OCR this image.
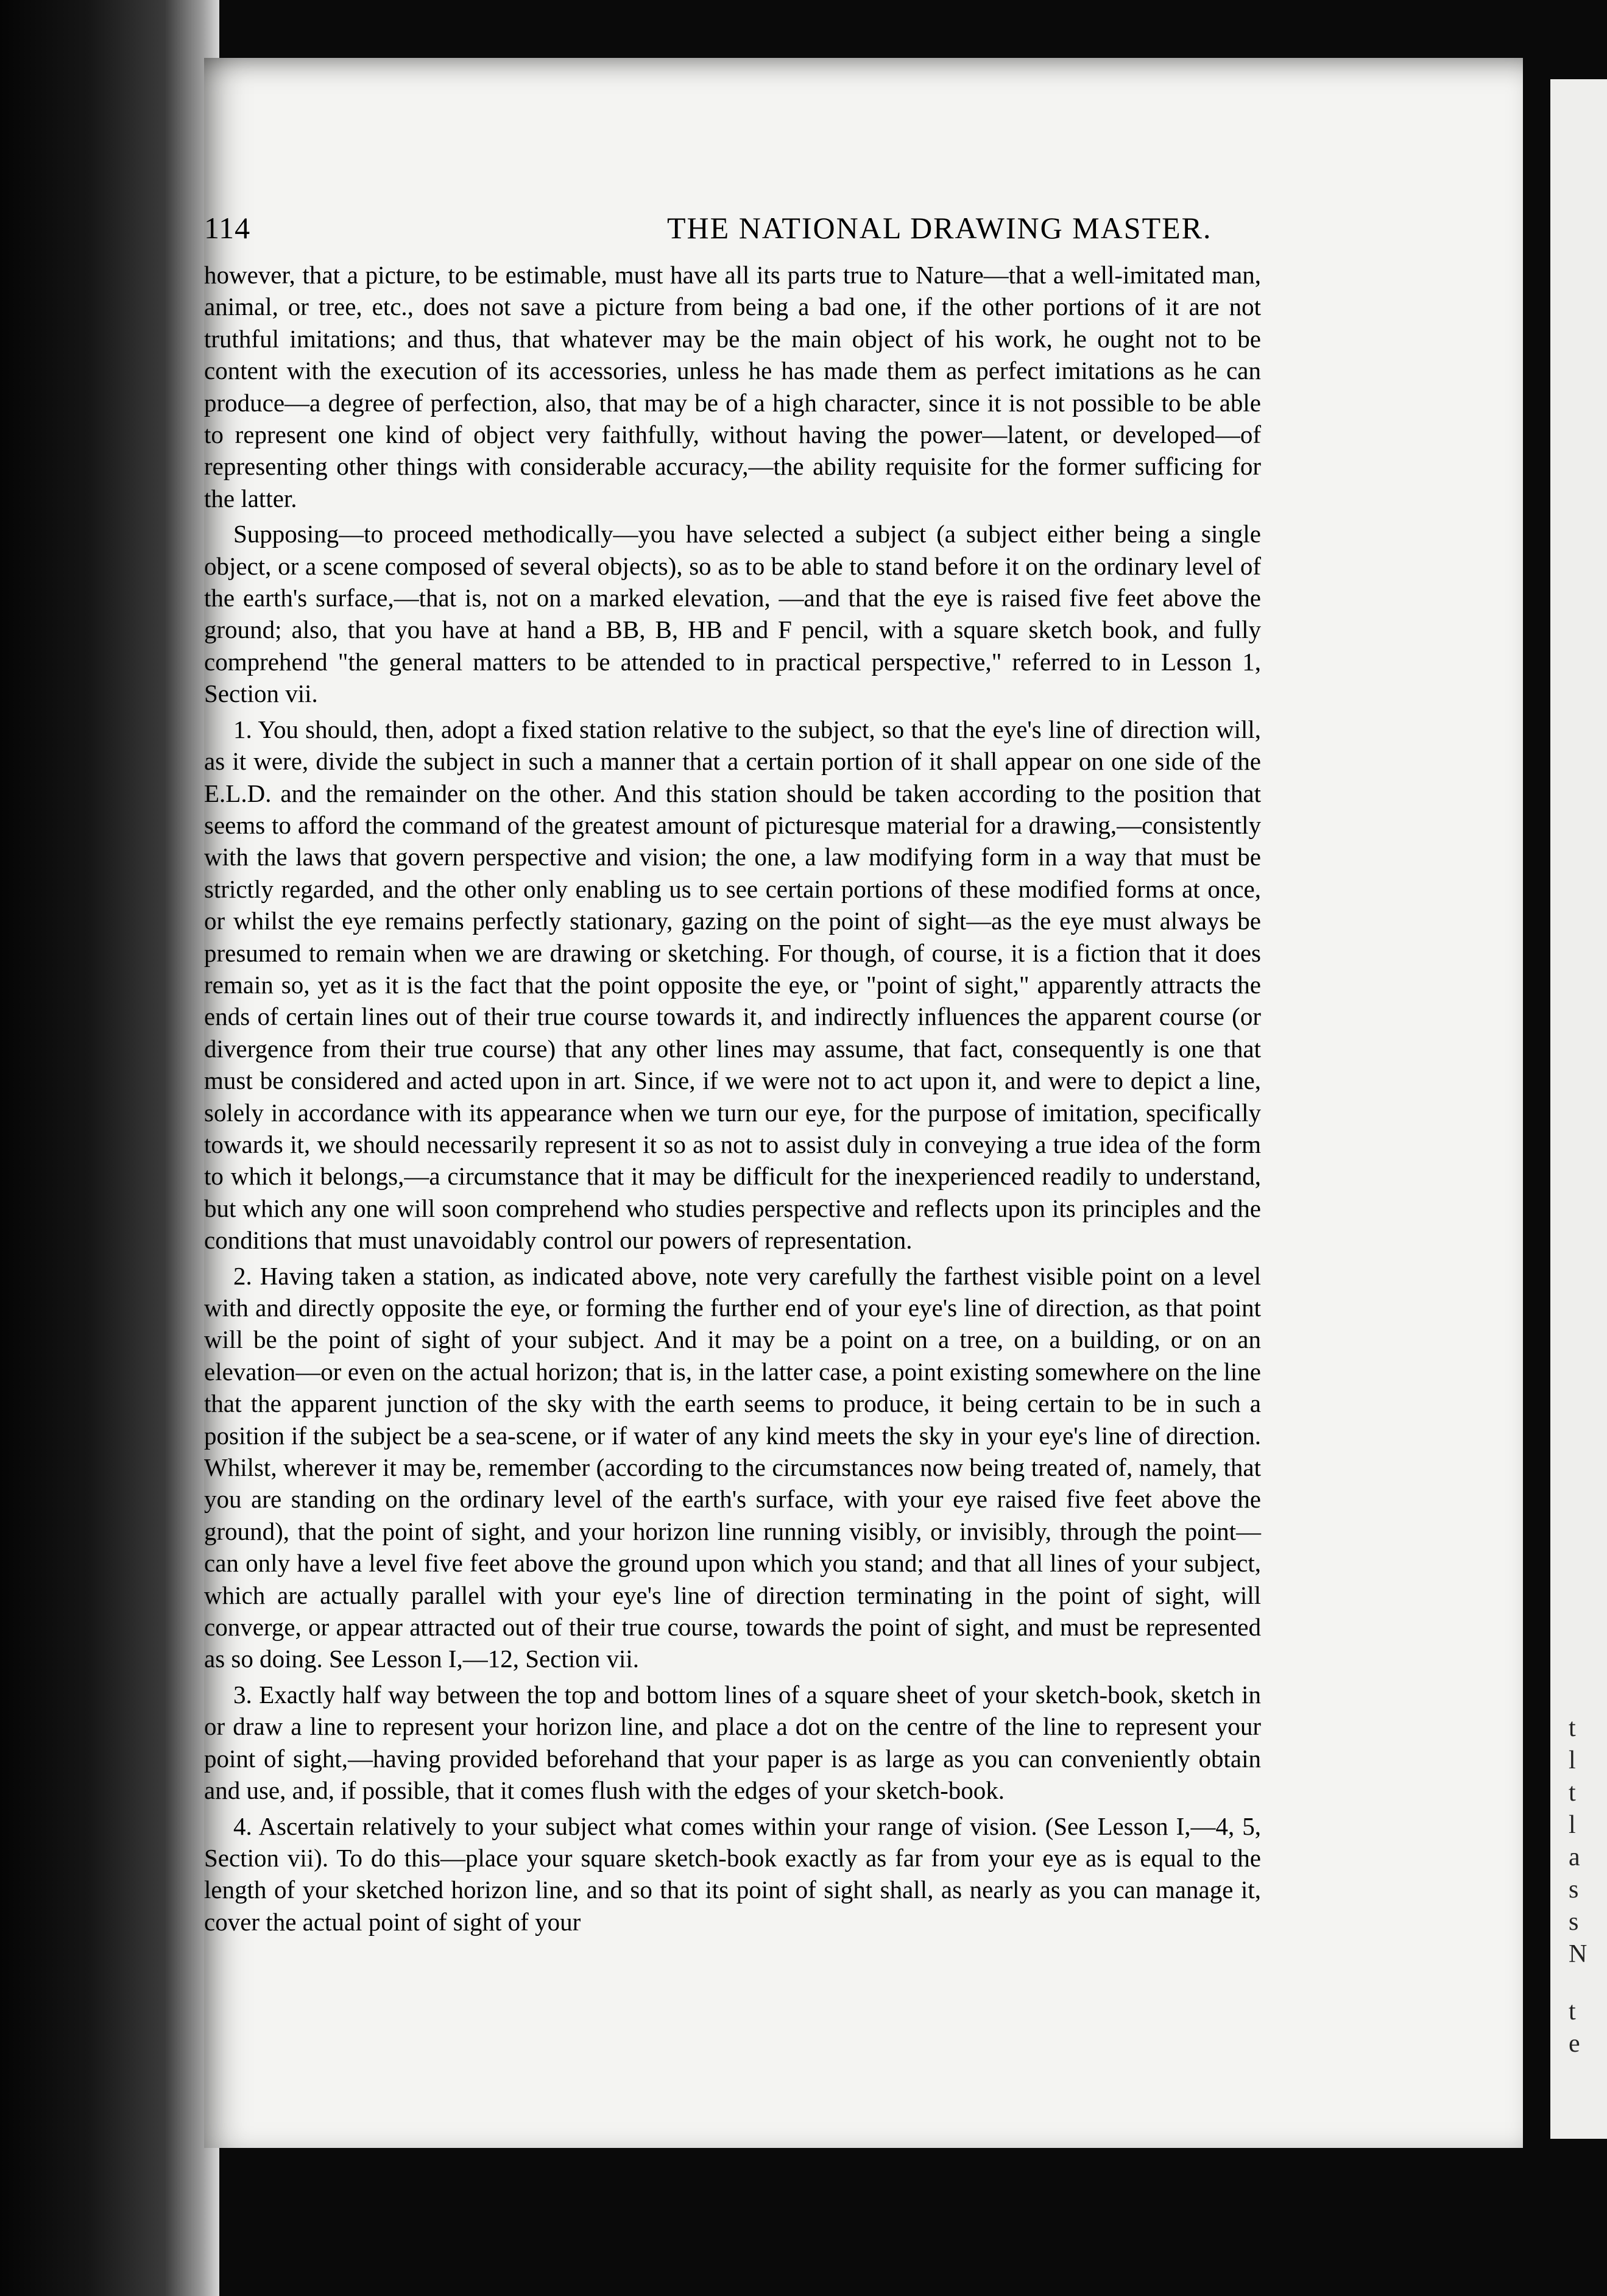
t
l
t
l
a
s
s
N
t
e
114	THE NATIONAL DRAWING MASTER.

however, that a picture, to be estimable, must have all its parts true to Nature—that a well-imitated man, animal, or tree, etc., does not save a picture from being a bad one, if the other portions of it are not truthful imitations; and thus, that whatever may be the main object of his work, he ought not to be content with the execution of its accessories, unless he has made them as perfect imitations as he can produce—a degree of perfection, also, that may be of a high character, since it is not possible to be able to represent one kind of object very faithfully, without having the power—latent, or developed—of representing other things with considerable accuracy,—the ability requisite for the former sufficing for the latter.

Supposing—to proceed methodically—you have selected a subject (a subject either being a single object, or a scene composed of several objects), so as to be able to stand before it on the ordinary level of the earth's surface,—that is, not on a marked elevation, —and that the eye is raised five feet above the ground; also, that you have at hand a BB, B, HB and F pencil, with a square sketch book, and fully comprehend "the general matters to be attended to in practical perspective," referred to in Lesson 1, Section vii.

1. You should, then, adopt a fixed station relative to the subject, so that the eye's line of direction will, as it were, divide the subject in such a manner that a certain portion of it shall appear on one side of the E.L.D. and the remainder on the other. And this station should be taken according to the position that seems to afford the command of the greatest amount of picturesque material for a drawing,—consistently with the laws that govern perspective and vision; the one, a law modifying form in a way that must be strictly regarded, and the other only enabling us to see certain portions of these modified forms at once, or whilst the eye remains perfectly stationary, gazing on the point of sight—as the eye must always be presumed to remain when we are drawing or sketching. For though, of course, it is a fiction that it does remain so, yet as it is the fact that the point opposite the eye, or "point of sight," apparently attracts the ends of certain lines out of their true course towards it, and indirectly influences the apparent course (or divergence from their true course) that any other lines may assume, that fact, consequently is one that must be considered and acted upon in art. Since, if we were not to act upon it, and were to depict a line, solely in accordance with its appearance when we turn our eye, for the purpose of imitation, specifically towards it, we should necessarily represent it so as not to assist duly in conveying a true idea of the form to which it belongs,—a circumstance that it may be difficult for the inexperienced readily to understand, but which any one will soon comprehend who studies perspective and reflects upon its principles and the conditions that must unavoidably control our powers of representation.

2. Having taken a station, as indicated above, note very carefully the farthest visible point on a level with and directly opposite the eye, or forming the further end of your eye's line of direction, as that point will be the point of sight of your subject. And it may be a point on a tree, on a building, or on an elevation—or even on the actual horizon; that is, in the latter case, a point existing somewhere on the line that the apparent junction of the sky with the earth seems to produce, it being certain to be in such a position if the subject be a sea-scene, or if water of any kind meets the sky in your eye's line of direction. Whilst, wherever it may be, remember (according to the circumstances now being treated of, namely, that you are standing on the ordinary level of the earth's surface, with your eye raised five feet above the ground), that the point of sight, and your horizon line running visibly, or invisibly, through the point—can only have a level five feet above the ground upon which you stand; and that all lines of your subject, which are actually parallel with your eye's line of direction terminating in the point of sight, will converge, or appear attracted out of their true course, towards the point of sight, and must be represented as so doing. See Lesson I,—12, Section vii.

3. Exactly half way between the top and bottom lines of a square sheet of your sketch-book, sketch in or draw a line to represent your horizon line, and place a dot on the centre of the line to represent your point of sight,—having provided beforehand that your paper is as large as you can conveniently obtain and use, and, if possible, that it comes flush with the edges of your sketch-book.

4. Ascertain relatively to your subject what comes within your range of vision. (See Lesson I,—4, 5, Section vii). To do this—place your square sketch-book exactly as far from your eye as is equal to the length of your sketched horizon line, and so that its point of sight shall, as nearly as you can manage it, cover the actual point of sight of your
